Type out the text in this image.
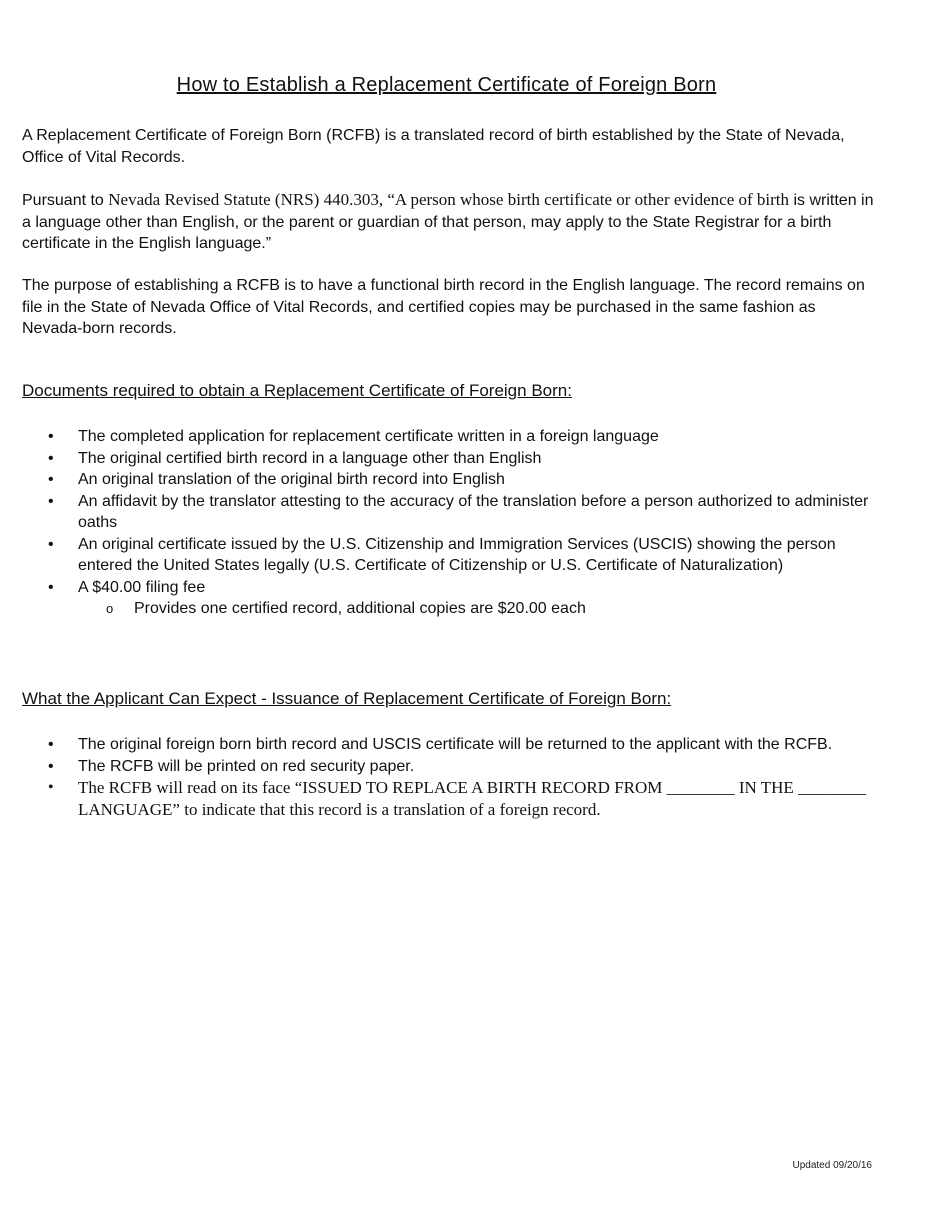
How to Establish a Replacement Certificate of Foreign Born

A Replacement Certificate of Foreign Born (RCFB) is a translated record of birth established by the State of Nevada, Office of Vital Records.

Pursuant to Nevada Revised Statute (NRS) 440.303, “A person whose birth certificate or other evidence of birth is written in a language other than English, or the parent or guardian of that person, may apply to the State Registrar for a birth certificate in the English language.”

The purpose of establishing a RCFB is to have a functional birth record in the English language. The record remains on file in the State of Nevada Office of Vital Records, and certified copies may be purchased in the same fashion as Nevada-born records.

Documents required to obtain a Replacement Certificate of Foreign Born:
• The completed application for replacement certificate written in a foreign language
• The original certified birth record in a language other than English
• An original translation of the original birth record into English
• An affidavit by the translator attesting to the accuracy of the translation before a person authorized to administer oaths
• An original certificate issued by the U.S. Citizenship and Immigration Services (USCIS) showing the person entered the United States legally (U.S. Certificate of Citizenship or U.S. Certificate of Naturalization)
• A $40.00 filing fee
o Provides one certified record, additional copies are $20.00 each
What the Applicant Can Expect - Issuance of Replacement Certificate of Foreign Born:
• The original foreign born birth record and USCIS certificate will be returned to the applicant with the RCFB.
• The RCFB will be printed on red security paper.
• The RCFB will read on its face “ISSUED TO REPLACE A BIRTH RECORD FROM ________ IN THE ________ LANGUAGE” to indicate that this record is a translation of a foreign record.
Updated 09/20/16
